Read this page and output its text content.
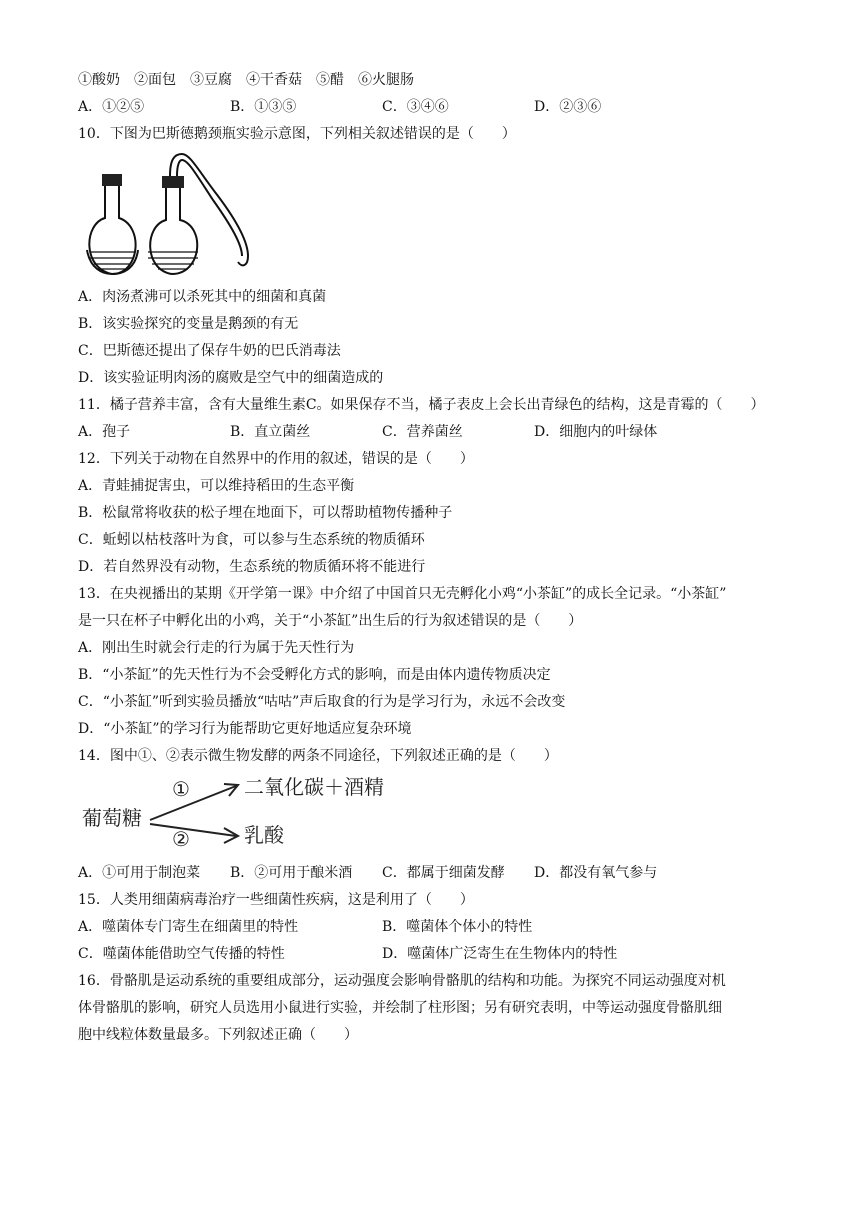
①酸奶　②面包　③豆腐　④干香菇　⑤醋　⑥火腿肠
A．①②⑤	B．①③⑤	C．③④⑥	D．②③⑥
10．下图为巴斯德鹅颈瓶实验示意图，下列相关叙述错误的是（　　）
A．肉汤煮沸可以杀死其中的细菌和真菌
B．该实验探究的变量是鹅颈的有无
C．巴斯德还提出了保存牛奶的巴氏消毒法
D．该实验证明肉汤的腐败是空气中的细菌造成的
11．橘子营养丰富，含有大量维生素C。如果保存不当，橘子表皮上会长出青绿色的结构，这是青霉的（　　）
A．孢子	B．直立菌丝	C．营养菌丝	D．细胞内的叶绿体
12．下列关于动物在自然界中的作用的叙述，错误的是（　　）
A．青蛙捕捉害虫，可以维持稻田的生态平衡
B．松鼠常将收获的松子埋在地面下，可以帮助植物传播种子
C．蚯蚓以枯枝落叶为食，可以参与生态系统的物质循环
D．若自然界没有动物，生态系统的物质循环将不能进行
13．在央视播出的某期《开学第一课》中介绍了中国首只无壳孵化小鸡“小茶缸”的成长全记录。“小茶缸”
是一只在杯子中孵化出的小鸡，关于“小茶缸”出生后的行为叙述错误的是（　　）
A．刚出生时就会行走的行为属于先天性行为
B．“小茶缸”的先天性行为不会受孵化方式的影响，而是由体内遗传物质决定
C．“小茶缸”听到实验员播放“咕咕”声后取食的行为是学习行为，永远不会改变
D．“小茶缸”的学习行为能帮助它更好地适应复杂环境
14．图中①、②表示微生物发酵的两条不同途径，下列叙述正确的是（　　）
葡萄糖
①
②
二氧化碳＋酒精
乳酸
A．①可用于制泡菜 B．②可用于酿米酒 C．都属于细菌发酵 D．都没有氧气参与
15．人类用细菌病毒治疗一些细菌性疾病，这是利用了（　　）
A．噬菌体专门寄生在细菌里的特性	B．噬菌体个体小的特性
C．噬菌体能借助空气传播的特性	D．噬菌体广泛寄生在生物体内的特性
16．骨骼肌是运动系统的重要组成部分，运动强度会影响骨骼肌的结构和功能。为探究不同运动强度对机
体骨骼肌的影响，研究人员选用小鼠进行实验，并绘制了柱形图；另有研究表明，中等运动强度骨骼肌细
胞中线粒体数量最多。下列叙述正确（　　）
